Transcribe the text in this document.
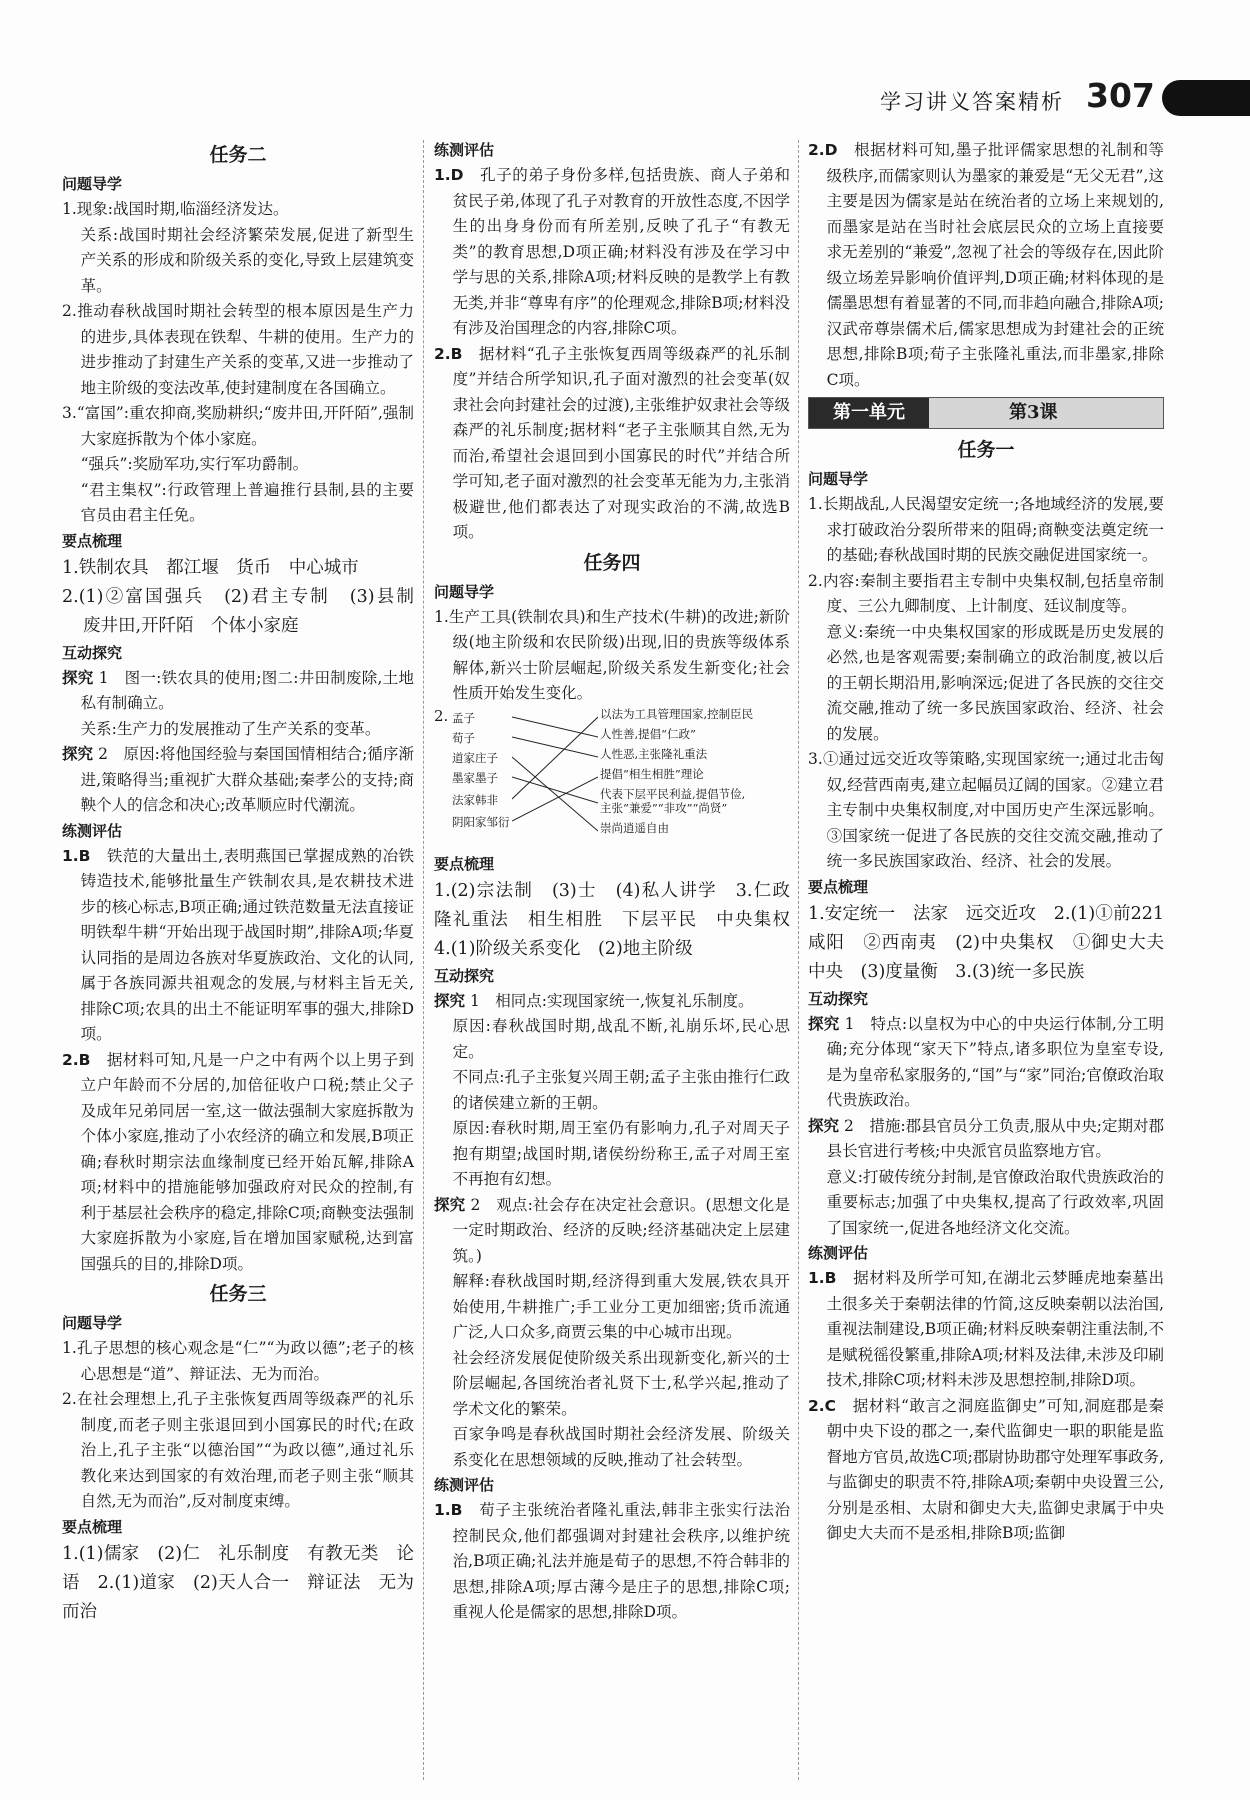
学习讲义答案精析 307
任务二
问题导学

1.现象:战国时期,临淄经济发达。

关系:战国时期社会经济繁荣发展,促进了新型生产关系的形成和阶级关系的变化,导致上层建筑变革。

2.推动春秋战国时期社会转型的根本原因是生产力的进步,具体表现在铁犁、牛耕的使用。生产力的进步推动了封建生产关系的变革,又进一步推动了地主阶级的变法改革,使封建制度在各国确立。

3.“富国”:重农抑商,奖励耕织;“废井田,开阡陌”,强制大家庭拆散为个体小家庭。

“强兵”:奖励军功,实行军功爵制。

“君主集权”:行政管理上普遍推行县制,县的主要官员由君主任免。

要点梳理

1.铁制农具　都江堰　货币　中心城市

2.(1)②富国强兵　(2)君主专制　(3)县制　废井田,开阡陌　个体小家庭

互动探究

探究 1　图一:铁农具的使用;图二:井田制废除,土地私有制确立。

关系:生产力的发展推动了生产关系的变革。

探究 2　原因:将他国经验与秦国国情相结合;循序渐进,策略得当;重视扩大群众基础;秦孝公的支持;商鞅个人的信念和决心;改革顺应时代潮流。

练测评估

1.B　铁范的大量出土,表明燕国已掌握成熟的冶铁铸造技术,能够批量生产铁制农具,是农耕技术进步的核心标志,B项正确;通过铁范数量无法直接证明铁犁牛耕“开始出现于战国时期”,排除A项;华夏认同指的是周边各族对华夏族政治、文化的认同,属于各族同源共祖观念的发展,与材料主旨无关,排除C项;农具的出土不能证明军事的强大,排除D项。

2.B　据材料可知,凡是一户之中有两个以上男子到立户年龄而不分居的,加倍征收户口税;禁止父子及成年兄弟同居一室,这一做法强制大家庭拆散为个体小家庭,推动了小农经济的确立和发展,B项正确;春秋时期宗法血缘制度已经开始瓦解,排除A项;材料中的措施能够加强政府对民众的控制,有利于基层社会秩序的稳定,排除C项;商鞅变法强制大家庭拆散为小家庭,旨在增加国家赋税,达到富国强兵的目的,排除D项。

任务三
问题导学

1.孔子思想的核心观念是“仁”“为政以德”;老子的核心思想是“道”、辩证法、无为而治。

2.在社会理想上,孔子主张恢复西周等级森严的礼乐制度,而老子则主张退回到小国寡民的时代;在政治上,孔子主张“以德治国”“为政以德”,通过礼乐教化来达到国家的有效治理,而老子则主张“顺其自然,无为而治”,反对制度束缚。

要点梳理

1.(1)儒家　(2)仁　礼乐制度　有教无类　论语　2.(1)道家　(2)天人合一　辩证法　无为而治

练测评估

1.D　孔子的弟子身份多样,包括贵族、商人子弟和贫民子弟,体现了孔子对教育的开放性态度,不因学生的出身身份而有所差别,反映了孔子“有教无类”的教育思想,D项正确;材料没有涉及在学习中学与思的关系,排除A项;材料反映的是教学上有教无类,并非“尊卑有序”的伦理观念,排除B项;材料没有涉及治国理念的内容,排除C项。

2.B　据材料“孔子主张恢复西周等级森严的礼乐制度”并结合所学知识,孔子面对激烈的社会变革(奴隶社会向封建社会的过渡),主张维护奴隶社会等级森严的礼乐制度;据材料“老子主张顺其自然,无为而治,希望社会退回到小国寡民的时代”并结合所学可知,老子面对激烈的社会变革无能为力,主张消极避世,他们都表达了对现实政治的不满,故选B项。

任务四
问题导学

1.生产工具(铁制农具)和生产技术(牛耕)的改进;新阶级(地主阶级和农民阶级)出现,旧的贵族等级体系解体,新兴士阶层崛起,阶级关系发生新变化;社会性质开始发生变化。

2. 孟子
荀子
道家庄子
墨家墨子
法家韩非
阴阳家邹衍
以法为工具管理国家,控制臣民
人性善,提倡“仁政”
人性恶,主张隆礼重法
提倡“相生相胜”理论
代表下层平民利益,提倡节俭,
主张“兼爱”“非攻”“尚贤”
崇尚逍遥自由
要点梳理

1.(2)宗法制　(3)士　(4)私人讲学　3.仁政　隆礼重法　相生相胜　下层平民　中央集权　4.(1)阶级关系变化　(2)地主阶级

互动探究

探究 1　相同点:实现国家统一,恢复礼乐制度。

原因:春秋战国时期,战乱不断,礼崩乐坏,民心思定。

不同点:孔子主张复兴周王朝;孟子主张由推行仁政的诸侯建立新的王朝。

原因:春秋时期,周王室仍有影响力,孔子对周天子抱有期望;战国时期,诸侯纷纷称王,孟子对周王室不再抱有幻想。

探究 2　观点:社会存在决定社会意识。(思想文化是一定时期政治、经济的反映;经济基础决定上层建筑。)

解释:春秋战国时期,经济得到重大发展,铁农具开始使用,牛耕推广;手工业分工更加细密;货币流通广泛,人口众多,商贾云集的中心城市出现。

社会经济发展促使阶级关系出现新变化,新兴的士阶层崛起,各国统治者礼贤下士,私学兴起,推动了学术文化的繁荣。

百家争鸣是春秋战国时期社会经济发展、阶级关系变化在思想领域的反映,推动了社会转型。

练测评估

1.B　荀子主张统治者隆礼重法,韩非主张实行法治控制民众,他们都强调对封建社会秩序,以维护统治,B项正确;礼法并施是荀子的思想,不符合韩非的思想,排除A项;厚古薄今是庄子的思想,排除C项;重视人伦是儒家的思想,排除D项。

2.D　根据材料可知,墨子批评儒家思想的礼制和等级秩序,而儒家则认为墨家的兼爱是“无父无君”,这主要是因为儒家是站在统治者的立场上来规划的,而墨家是站在当时社会底层民众的立场上直接要求无差别的“兼爱”,忽视了社会的等级存在,因此阶级立场差异影响价值评判,D项正确;材料体现的是儒墨思想有着显著的不同,而非趋向融合,排除A项;汉武帝尊崇儒术后,儒家思想成为封建社会的正统思想,排除B项;荀子主张隆礼重法,而非墨家,排除C项。

第一单元	第3课
任务一
问题导学

1.长期战乱,人民渴望安定统一;各地域经济的发展,要求打破政治分裂所带来的阻碍;商鞅变法奠定统一的基础;春秋战国时期的民族交融促进国家统一。

2.内容:秦制主要指君主专制中央集权制,包括皇帝制度、三公九卿制度、上计制度、廷议制度等。

意义:秦统一中央集权国家的形成既是历史发展的必然,也是客观需要;秦制确立的政治制度,被以后的王朝长期沿用,影响深远;促进了各民族的交往交流交融,推动了统一多民族国家政治、经济、社会的发展。

3.①通过远交近攻等策略,实现国家统一;通过北击匈奴,经营西南夷,建立起幅员辽阔的国家。②建立君主专制中央集权制度,对中国历史产生深远影响。③国家统一促进了各民族的交往交流交融,推动了统一多民族国家政治、经济、社会的发展。

要点梳理

1.安定统一　法家　远交近攻　2.(1)①前221　咸阳　②西南夷　(2)中央集权　①御史大夫　中央　(3)度量衡　3.(3)统一多民族

互动探究

探究 1　特点:以皇权为中心的中央运行体制,分工明确;充分体现“家天下”特点,诸多职位为皇室专设,是为皇帝私家服务的,“国”与“家”同治;官僚政治取代贵族政治。

探究 2　措施:郡县官员分工负责,服从中央;定期对郡县长官进行考核;中央派官员监察地方官。

意义:打破传统分封制,是官僚政治取代贵族政治的重要标志;加强了中央集权,提高了行政效率,巩固了国家统一,促进各地经济文化交流。

练测评估

1.B　据材料及所学可知,在湖北云梦睡虎地秦墓出土很多关于秦朝法律的竹简,这反映秦朝以法治国,重视法制建设,B项正确;材料反映秦朝注重法制,不是赋税徭役繁重,排除A项;材料及法律,未涉及印刷技术,排除C项;材料未涉及思想控制,排除D项。

2.C　据材料“敢言之洞庭监御史”可知,洞庭郡是秦朝中央下设的郡之一,秦代监御史一职的职能是监督地方官员,故选C项;郡尉协助郡守处理军事政务,与监御史的职责不符,排除A项;秦朝中央设置三公,分别是丞相、太尉和御史大夫,监御史隶属于中央御史大夫而不是丞相,排除B项;监御
